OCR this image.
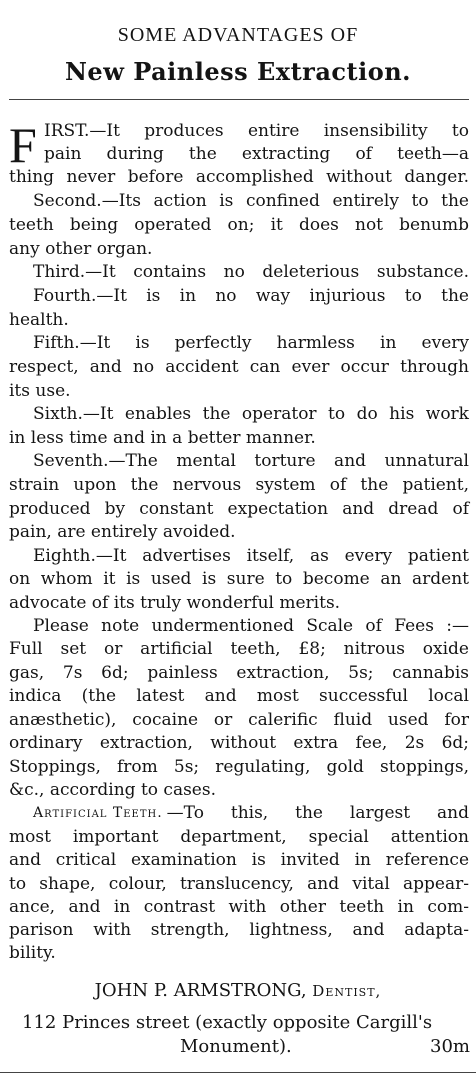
SOME ADVANTAGES OF
New Painless Extraction.
F IRST.—It produces entire insensibility to
pain during the extracting of teeth—a
thing never before accomplished without danger.
Second.—Its action is confined entirely to the
teeth being operated on; it does not benumb
any other organ.
Third.—It contains no deleterious substance.
Fourth.—It is in no way injurious to the
health.
Fifth.—It is perfectly harmless in every
respect, and no accident can ever occur through
its use.
Sixth.—It enables the operator to do his work
in less time and in a better manner.
Seventh.—The mental torture and unnatural
strain upon the nervous system of the patient,
produced by constant expectation and dread of
pain, are entirely avoided.
Eighth.—It advertises itself, as every patient
on whom it is used is sure to become an ardent
advocate of its truly wonderful merits.
Please note undermentioned Scale of Fees :—
Full set or artificial teeth, £8; nitrous oxide
gas, 7s 6d; painless extraction, 5s; cannabis
indica (the latest and most successful local
anæsthetic), cocaine or calerific fluid used for
ordinary extraction, without extra fee, 2s 6d;
Stoppings, from 5s; regulating, gold stoppings,
&c., according to cases.
Artificial Teeth. —To this, the largest and
most important department, special attention
and critical examination is invited in reference
to shape, colour, translucency, and vital appear-
ance, and in contrast with other teeth in com-
parison with strength, lightness, and adapta-
bility.
JOHN P. ARMSTRONG, Dentist,
112 Princes street (exactly opposite Cargill's
Monument).	30m
